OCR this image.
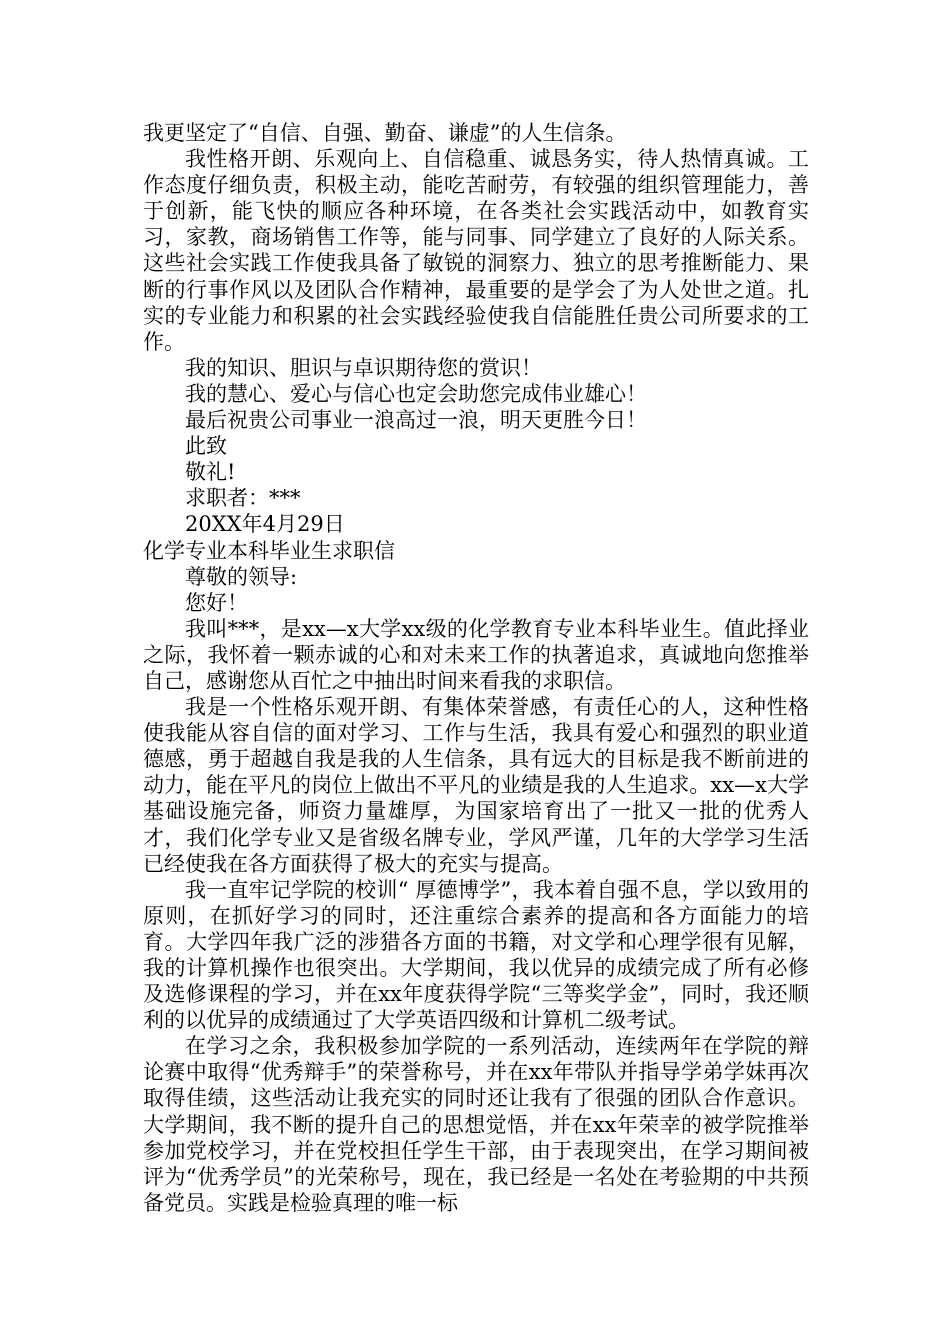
我更坚定了“自信、自强、勤奋、谦虚”的人生信条。

我性格开朗、乐观向上、自信稳重、诚恳务实，待人热情真诚。工作态度仔细负责，积极主动，能吃苦耐劳，有较强的组织管理能力，善于创新，能飞快的顺应各种环境，在各类社会实践活动中，如教育实习，家教，商场销售工作等，能与同事、同学建立了良好的人际关系。这些社会实践工作使我具备了敏锐的洞察力、独立的思考推断能力、果断的行事作风以及团队合作精神，最重要的是学会了为人处世之道。扎实的专业能力和积累的社会实践经验使我自信能胜任贵公司所要求的工作。

我的知识、胆识与卓识期待您的赏识！

我的慧心、爱心与信心也定会助您完成伟业雄心！

最后祝贵公司事业一浪高过一浪，明天更胜今日！

此致

敬礼!

求职者：***

20XX年4月29日

化学专业本科毕业生求职信

尊敬的领导:

您好！

我叫***，是xx—x大学xx级的化学教育专业本科毕业生。值此择业之际，我怀着一颗赤诚的心和对未来工作的执著追求，真诚地向您推举自己，感谢您从百忙之中抽出时间来看我的求职信。

我是一个性格乐观开朗、有集体荣誉感，有责任心的人，这种性格使我能从容自信的面对学习、工作与生活，我具有爱心和强烈的职业道德感，勇于超越自我是我的人生信条，具有远大的目标是我不断前进的动力，能在平凡的岗位上做出不平凡的业绩是我的人生追求。xx—x大学基础设施完备，师资力量雄厚，为国家培育出了一批又一批的优秀人才，我们化学专业又是省级名牌专业，学风严谨，几年的大学学习生活已经使我在各方面获得了极大的充实与提高。

我一直牢记学院的校训“ 厚德博学”，我本着自强不息，学以致用的原则，在抓好学习的同时，还注重综合素养的提高和各方面能力的培育。大学四年我广泛的涉猎各方面的书籍，对文学和心理学很有见解，我的计算机操作也很突出。大学期间，我以优异的成绩完成了所有必修及选修课程的学习，并在xx年度获得学院“三等奖学金”，同时，我还顺利的以优异的成绩通过了大学英语四级和计算机二级考试。

在学习之余，我积极参加学院的一系列活动，连续两年在学院的辩论赛中取得“优秀辩手”的荣誉称号，并在xx年带队并指导学弟学妹再次取得佳绩，这些活动让我充实的同时还让我有了很强的团队合作意识。大学期间，我不断的提升自己的思想觉悟，并在xx年荣幸的被学院推举参加党校学习，并在党校担任学生干部，由于表现突出，在学习期间被评为“优秀学员”的光荣称号，现在，我已经是一名处在考验期的中共预备党员。实践是检验真理的唯一标
